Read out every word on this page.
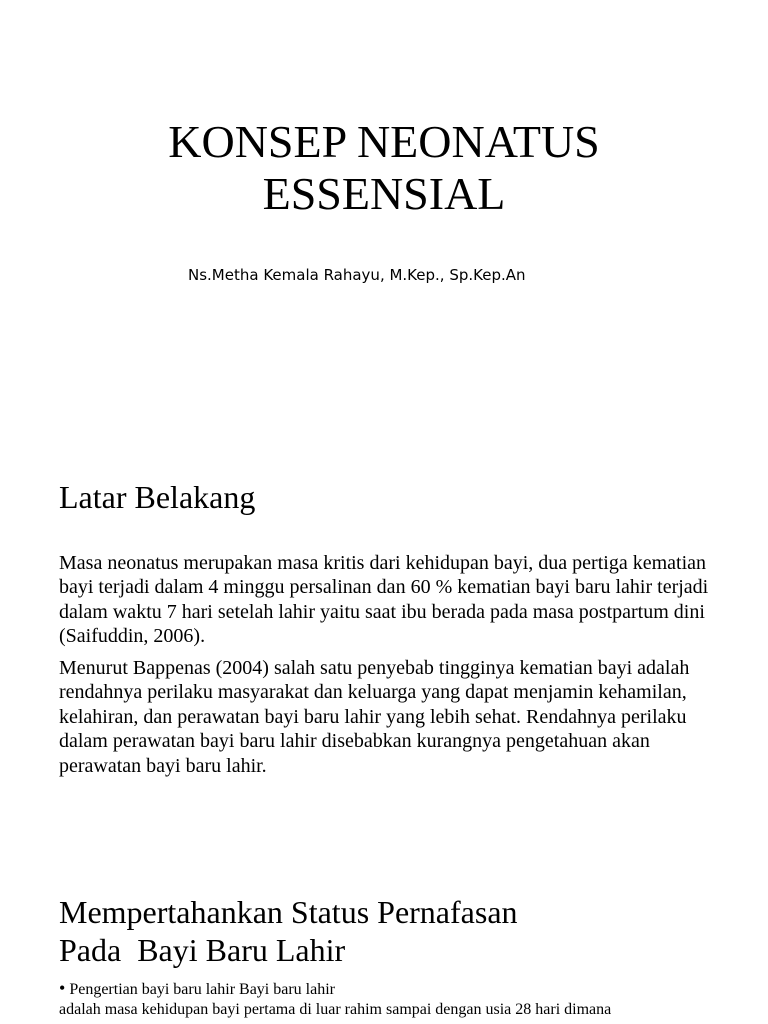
KONSEP NEONATUS
ESSENSIAL
Ns.Metha Kemala Rahayu, M.Kep., Sp.Kep.An
Latar Belakang
Masa neonatus merupakan masa kritis dari kehidupan bayi, dua pertiga kematian bayi terjadi dalam 4 minggu persalinan dan 60 % kematian bayi baru lahir terjadi dalam waktu 7 hari setelah lahir yaitu saat ibu berada pada masa postpartum dini (Saifuddin, 2006).
Menurut Bappenas (2004) salah satu penyebab tingginya kematian bayi adalah rendahnya perilaku masyarakat dan keluarga yang dapat menjamin kehamilan, kelahiran, dan perawatan bayi baru lahir yang lebih sehat. Rendahnya perilaku dalam perawatan bayi baru lahir disebabkan kurangnya pengetahuan akan perawatan bayi baru lahir.
Mempertahankan Status Pernafasan
Pada  Bayi Baru Lahir
• Pengertian bayi baru lahir Bayi baru lahir
adalah masa kehidupan bayi pertama di luar rahim sampai dengan usia 28 hari dimana
